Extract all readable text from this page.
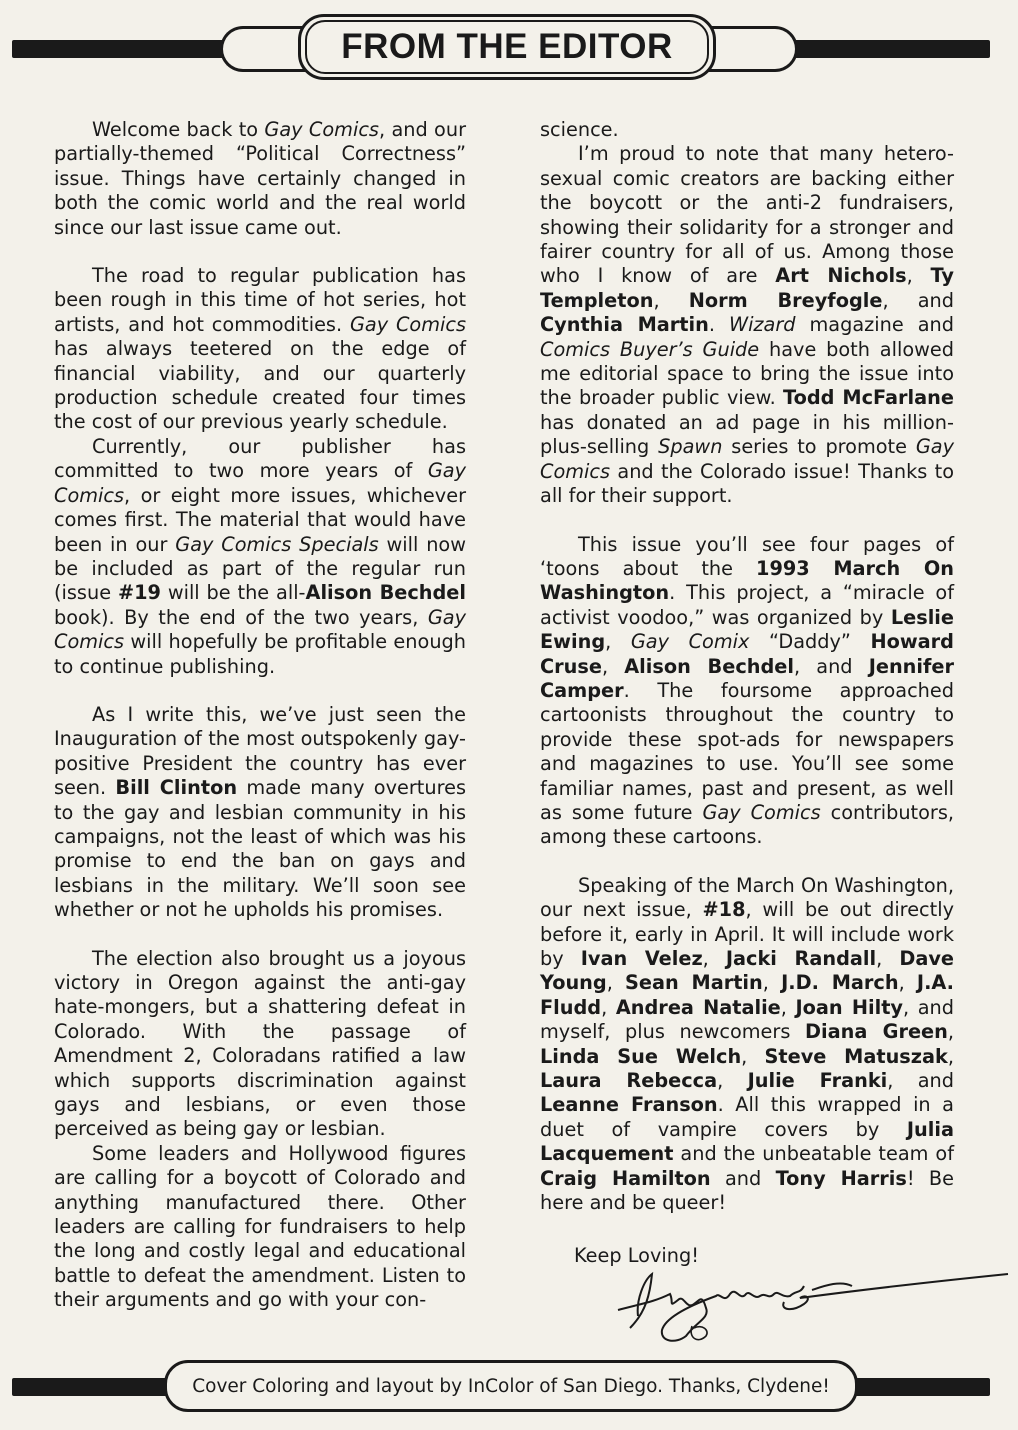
FROM THE EDITOR

Welcome back to Gay Comics, and our partially-themed “Political Correctness” issue. Things have certainly changed in both the comic world and the real world since our last issue came out.

The road to regular publication has been rough in this time of hot series, hot artists, and hot commodities. Gay Comics has always teetered on the edge of financial viability, and our quarterly production schedule created four times the cost of our previous yearly schedule.

Currently, our publisher has committed to two more years of Gay Comics, or eight more issues, whichever comes first. The material that would have been in our Gay Comics Specials will now be included as part of the regular run (issue #19 will be the all-Alison Bechdel book). By the end of the two years, Gay Comics will hopefully be profitable enough to continue publishing.

As I write this, we’ve just seen the Inauguration of the most outspokenly gay-positive President the country has ever seen. Bill Clinton made many overtures to the gay and lesbian community in his campaigns, not the least of which was his promise to end the ban on gays and lesbians in the military. We’ll soon see whether or not he upholds his promises.

The election also brought us a joyous victory in Oregon against the anti-gay hate-mongers, but a shattering defeat in Colorado. With the passage of Amendment 2, Coloradans ratified a law which supports discrimination against gays and lesbians, or even those perceived as being gay or lesbian.

Some leaders and Hollywood figures are calling for a boycott of Colorado and anything manufactured there. Other leaders are calling for fundraisers to help the long and costly legal and educational battle to defeat the amendment. Listen to their arguments and go with your con-

science.

I’m proud to note that many hetero-sexual comic creators are backing either the boycott or the anti-2 fundraisers, showing their solidarity for a stronger and fairer country for all of us. Among those who I know of are Art Nichols, Ty Templeton, Norm Breyfogle, and Cynthia Martin. Wizard magazine and Comics Buyer’s Guide have both allowed me editorial space to bring the issue into the broader public view. Todd McFarlane has donated an ad page in his million-plus-selling Spawn series to promote Gay Comics and the Colorado issue! Thanks to all for their support.

This issue you’ll see four pages of ‘toons about the 1993 March On Washington. This project, a “miracle of activist voodoo,” was organized by Leslie Ewing, Gay Comix “Daddy” Howard Cruse, Alison Bechdel, and Jennifer Camper. The foursome approached cartoonists throughout the country to provide these spot-ads for newspapers and magazines to use. You’ll see some familiar names, past and present, as well as some future Gay Comics contributors, among these cartoons.

Speaking of the March On Washington, our next issue, #18, will be out directly before it, early in April. It will include work by Ivan Velez, Jacki Randall, Dave Young, Sean Martin, J.D. March, J.A. Fludd, Andrea Natalie, Joan Hilty, and myself, plus newcomers Diana Green, Linda Sue Welch, Steve Matuszak, Laura Rebecca, Julie Franki, and Leanne Franson. All this wrapped in a duet of vampire covers by Julia Lacquement and the unbeatable team of Craig Hamilton and Tony Harris! Be here and be queer!

Keep Loving!
Cover Coloring and layout by InColor of San Diego. Thanks, Clydene!
